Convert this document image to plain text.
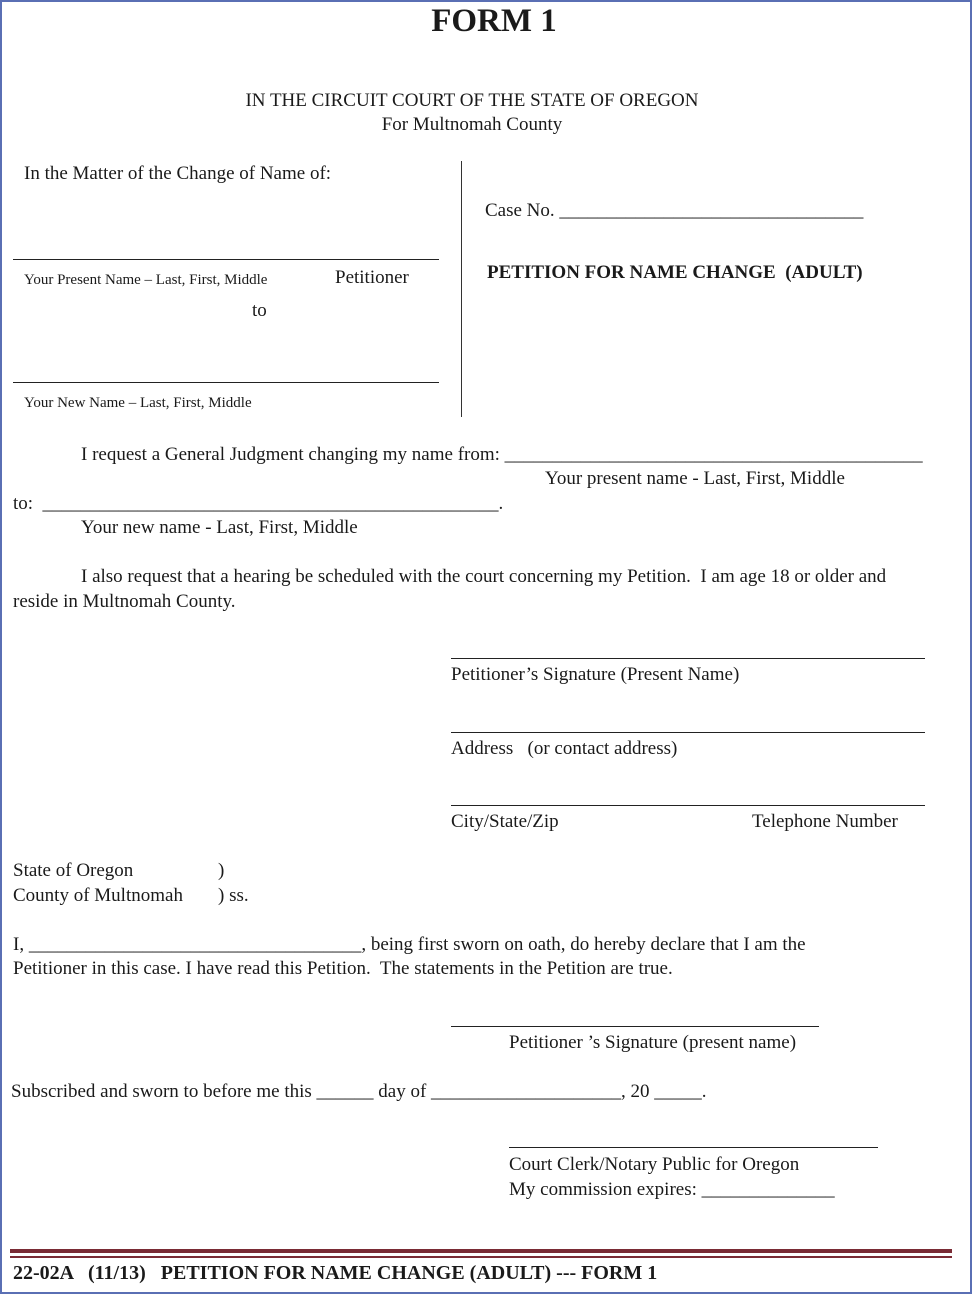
FORM 1
IN THE CIRCUIT COURT OF THE STATE OF OREGON
For Multnomah County
In the Matter of the Change of Name of:
Your Present Name – Last, First, Middle	Petitioner
to
Your New Name – Last, First, Middle
Case No. ________________________________
PETITION FOR NAME CHANGE  (ADULT)
I request a General Judgment changing my name from: ____________________________________________
Your present name - Last, First, Middle
to:  ________________________________________________.
Your new name - Last, First, Middle
I also request that a hearing be scheduled with the court concerning my Petition.  I am age 18 or older and
reside in Multnomah County.
Petitioner’s Signature (Present Name)
Address   (or contact address)
City/State/Zip	Telephone Number
State of Oregon	)
County of Multnomah ) ss.
I, ___________________________________, being first sworn on oath, do hereby declare that I am the
Petitioner in this case. I have read this Petition.  The statements in the Petition are true.
Petitioner ’s Signature (present name)
Subscribed and sworn to before me this ______ day of ____________________, 20 _____.
Court Clerk/Notary Public for Oregon
My commission expires: ______________
22-02A   (11/13)   PETITION FOR NAME CHANGE (ADULT) --- FORM 1
